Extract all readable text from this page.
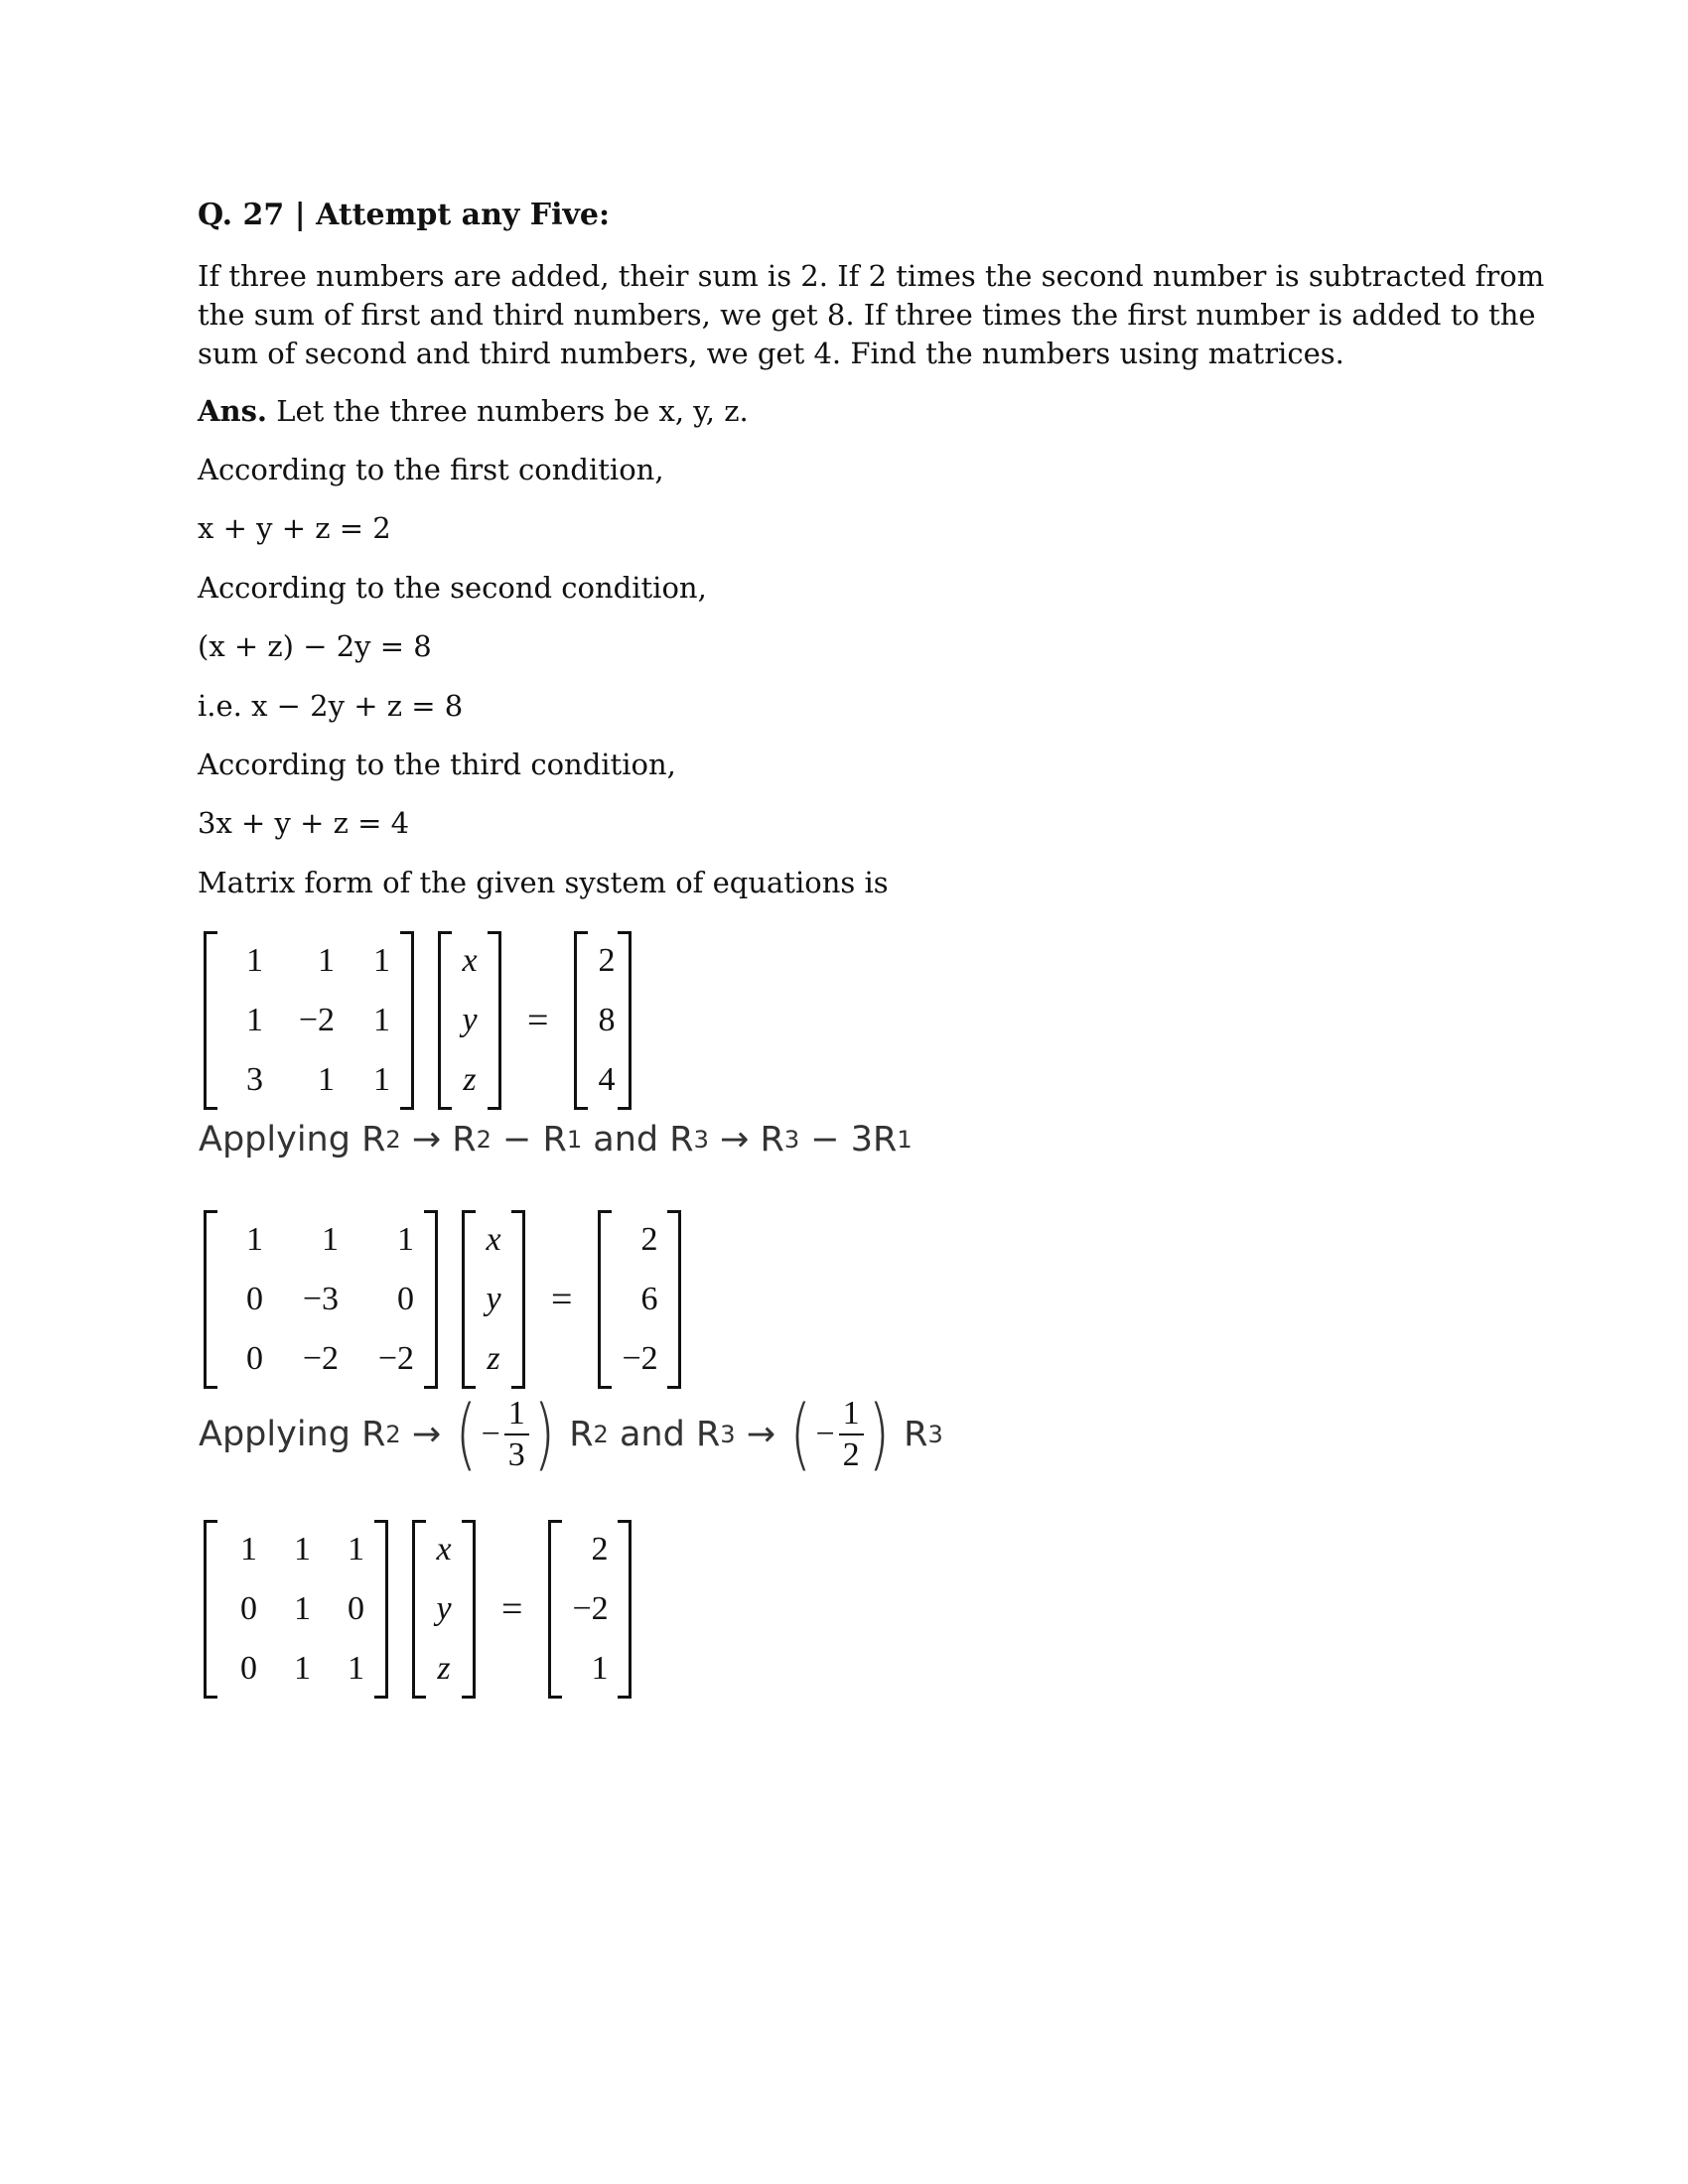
Q. 27 | Attempt any Five:
If three numbers are added, their sum is 2. If 2 times the second number is subtracted from
the sum of first and third numbers, we get 8. If three times the first number is added to the
sum of second and third numbers, we get 4. Find the numbers using matrices.
Ans. Let the three numbers be x, y, z.
According to the first condition,
x + y + z = 2
According to the second condition,
(x + z) − 2y = 8
i.e. x − 2y + z = 8
According to the third condition,
3x + y + z = 4
Matrix form of the given system of equations is
1	1	1
1	−2	1
3	1	1
x
y
z
=
2
8
4
Applying
R 2
→
R 2
−
R 1
and
R 3
→
R 3
−
3 R 1
1	1	1
0	−3	0
0	−2	−2
x
y
z
=
2
6
−2
Applying
R 2
→ ( − $\frac{1}{3}$ ) R 2
and
R 3
→ ( − $\frac{1}{2}$ ) R 3
1	1	1
0	1	0
0	1	1
x
y
z
=
2
−2
1
